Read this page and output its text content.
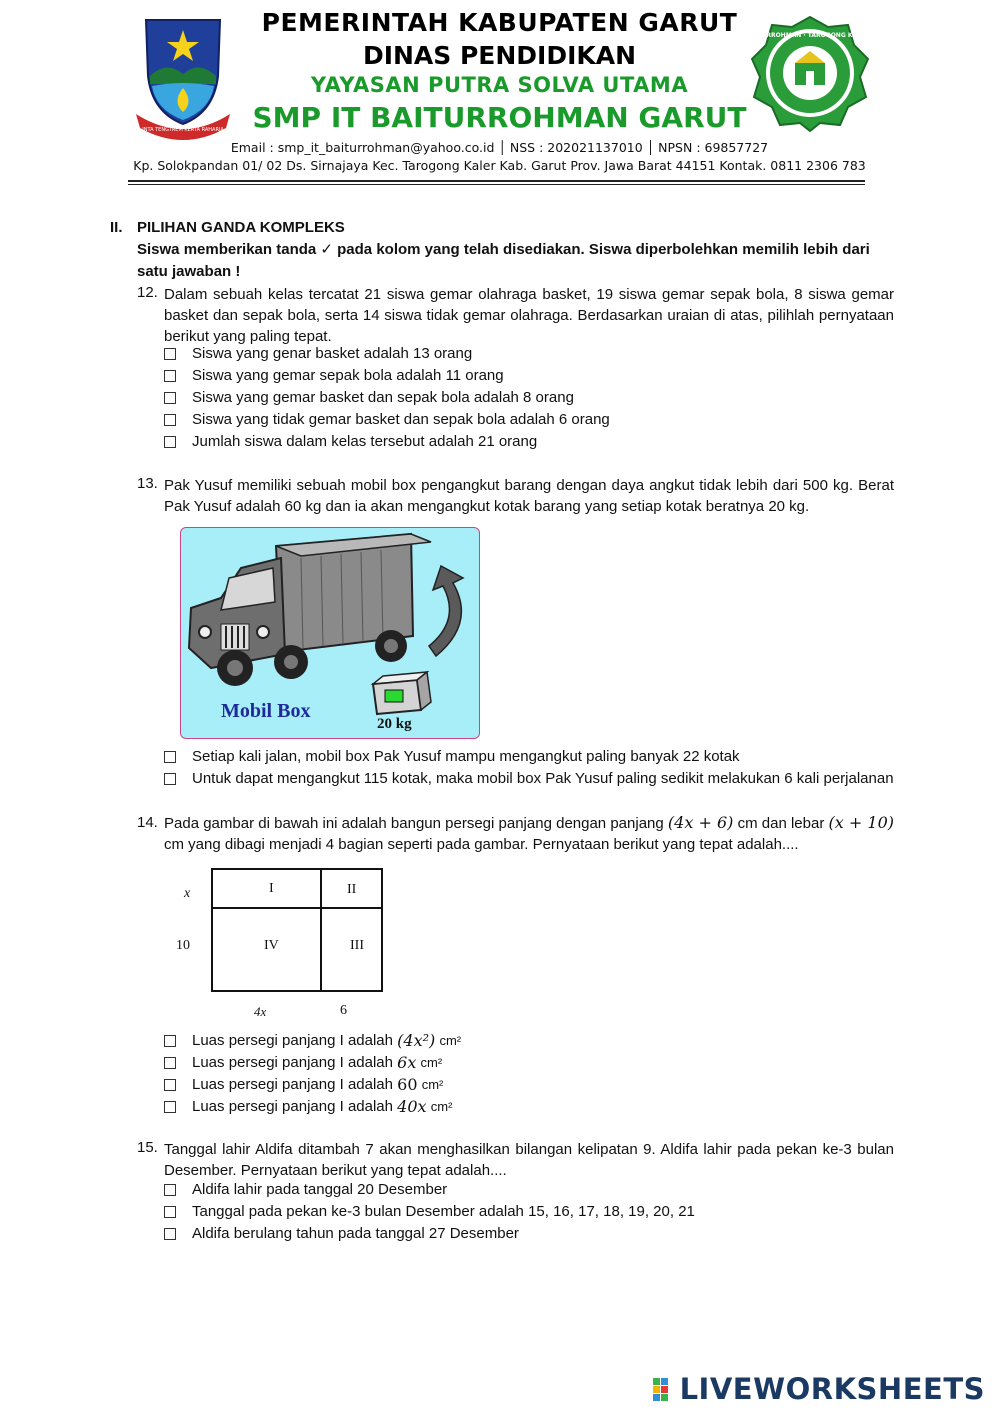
INTA TENGTREM KERTA RAHARJA
SMP IT BAITURROHMAN · TAROGONG KALER · GARUT
PEMERINTAH KABUPATEN GARUT
DINAS PENDIDIKAN
YAYASAN PUTRA SOLVA UTAMA
SMP IT BAITURROHMAN GARUT
Email : smp_it_baiturrohman@yahoo.co.id │ NSS : 202021137010 │ NPSN : 69857727
Kp. Solokpandan 01/ 02 Ds. Sirnajaya Kec. Tarogong Kaler Kab. Garut Prov. Jawa Barat 44151 Kontak. 0811 2306 783
II. PILIHAN GANDA KOMPLEKS
Siswa memberikan tanda ✓ pada kolom yang telah disediakan. Siswa diperbolehkan memilih lebih dari satu jawaban !
12. Dalam sebuah kelas tercatat 21 siswa gemar olahraga basket, 19 siswa gemar sepak bola, 8 siswa gemar basket dan sepak bola, serta 14 siswa tidak gemar olahraga. Berdasarkan uraian di atas, pilihlah pernyataan berikut yang paling tepat.
Siswa yang genar basket adalah 13 orang
Siswa yang gemar sepak bola adalah 11 orang
Siswa yang gemar basket dan sepak bola adalah 8 orang
Siswa yang tidak gemar basket dan sepak bola adalah 6 orang
Jumlah siswa dalam kelas tersebut adalah 21 orang
13. Pak Yusuf memiliki sebuah mobil box pengangkut barang dengan daya angkut tidak lebih dari 500 kg. Berat Pak Yusuf adalah 60 kg dan ia akan mengangkut kotak barang yang setiap kotak beratnya 20 kg.
Mobil Box
20 kg
Setiap kali jalan, mobil box Pak Yusuf mampu mengangkut paling banyak 22 kotak
Untuk dapat mengangkut 115 kotak, maka mobil box Pak Yusuf paling sedikit melakukan 6 kali perjalanan
14. Pada gambar di bawah ini adalah bangun persegi panjang dengan panjang (4x + 6) cm dan lebar (x + 10) cm yang dibagi menjadi 4 bagian seperti pada gambar. Pernyataan berikut yang tepat adalah....
I	II
III
IV
x
10
4x	6
Luas persegi panjang I adalah
(4x²)
cm²
Luas persegi panjang I adalah
6x
cm²
Luas persegi panjang I adalah
60
cm²
Luas persegi panjang I adalah
40x
cm²
15. Tanggal lahir Aldifa ditambah 7 akan menghasilkan bilangan kelipatan 9. Aldifa lahir pada pekan ke-3 bulan Desember. Pernyataan berikut yang tepat adalah....
Aldifa lahir pada tanggal 20 Desember
Tanggal pada pekan ke-3 bulan Desember adalah 15, 16, 17, 18, 19, 20, 21
Aldifa berulang tahun pada tanggal 27 Desember
LIVEWORKSHEETS
